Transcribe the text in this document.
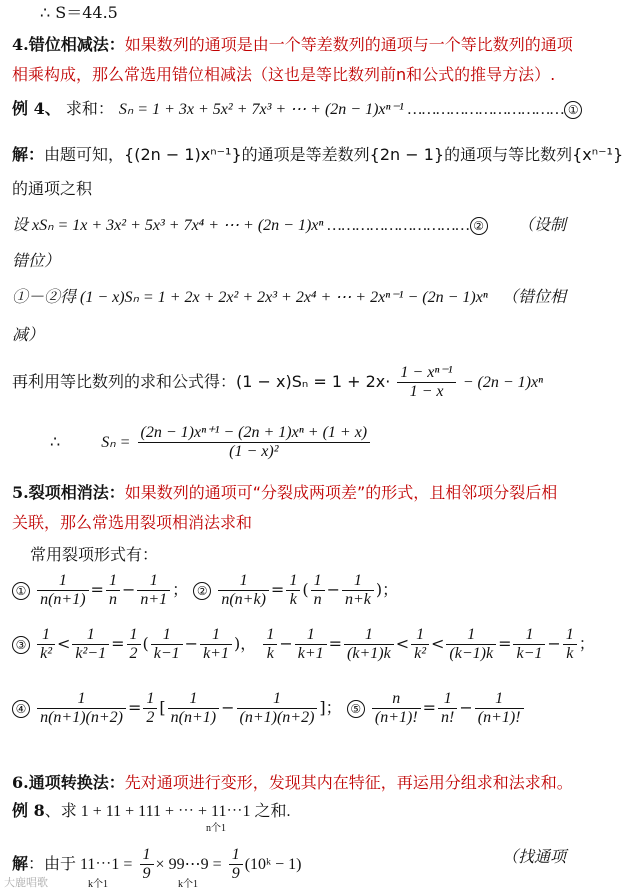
∴ S＝44.5
4.错位相减法：如果数列的通项是由一个等差数列的通项与一个等比数列的通项
相乘构成，那么常选用错位相减法（这也是等比数列前n和公式的推导方法）.
例 4、 求和： Sₙ = 1 + 3x + 5x² + 7x³ + ⋯ + (2n − 1)xⁿ⁻¹ …………………………… ①
解：由题可知，{(2n − 1)xⁿ⁻¹}的通项是等差数列{2n − 1}的通项与等比数列{xⁿ⁻¹}
的通项之积
设 xSₙ = 1x + 3x² + 5x³ + 7x⁴ + ⋯ + (2n − 1)xⁿ ………………………… ② （设制
错位）
①－②得 (1 − x)Sₙ = 1 + 2x + 2x² + 2x³ + 2x⁴ + ⋯ + 2xⁿ⁻¹ − (2n − 1)xⁿ （错位相
减）
再利用等比数列的求和公式得：$(1 - x)S_n = 1 + 2x\cdot \frac{\text{1 − xⁿ⁻¹}}{1 - x} - (2n - 1)x^n$
∴	$S_n = \frac{\text{(2n − 1)xⁿ⁺¹ − (2n + 1)xⁿ + (1 + x)}}{\text{(1 − x)²}}$
5.裂项相消法：如果数列的通项可“分裂成两项差”的形式，且相邻项分裂后相
关联，那么常选用裂项相消法求和
常用裂项形式有：
① $\frac{1}{n(n+1)} = \frac{1}{n} - \frac{1}{n+1}$ ； ② $\frac{1}{n(n+k)} = \frac{1}{k}$ ( $\frac{1}{n} - \frac{1}{n+k}$ )；
③ $\frac{1}{\text{k²}} < \frac{1}{\text{k²−1}} = \frac{1}{2}$ ( $\frac{1}{k-1} - \frac{1}{k+1}$ )， $\frac{1}{k} - \frac{1}{k+1} = \frac{1}{(k+1)k} < \frac{1}{\text{k²}} < \frac{1}{(k-1)k} = \frac{1}{k-1} - \frac{1}{k}$ ；
④ $\frac{1}{n(n+1)(n+2)} = \frac{1}{2}$ [ $\frac{1}{n(n+1)} - \frac{1}{(n+1)(n+2)}$ ]； ⑤ $\frac{n}{(n+1)!} = \frac{1}{n!} - \frac{1}{(n+1)!}$
6.通项转换法：先对通项进行变形，发现其内在特征，再运用分组求和法求和。
例 8、求 1 + 11 + 111 + ⋯ + 11⋯1 之和.
n个1
解：由于 11⋯1 = $\frac{1}{9}$ × 99⋯9 = $\frac{1}{9}$ (10ᵏ − 1)	（找通项
k个1	k个1
大鹿唱歌
